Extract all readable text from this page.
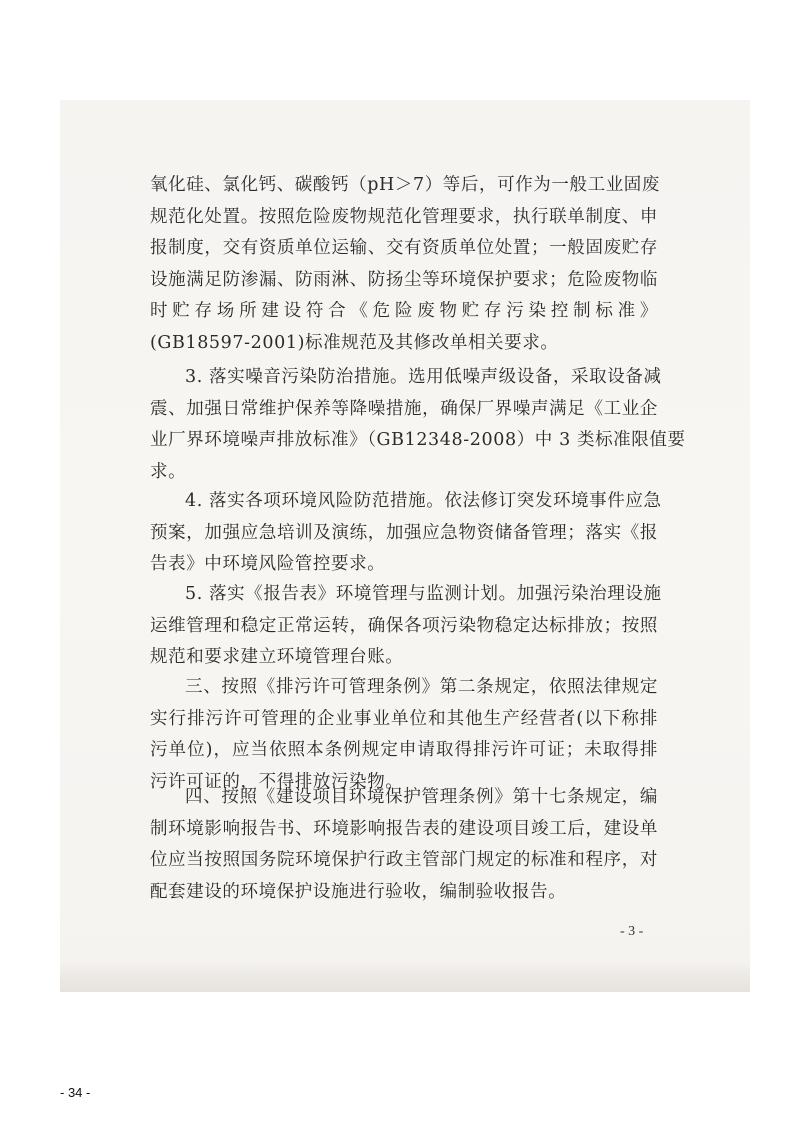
氧化硅、氯化钙、碳酸钙（pH＞7）等后，可作为一般工业固废
规范化处置。按照危险废物规范化管理要求，执行联单制度、申
报制度，交有资质单位运输、交有资质单位处置；一般固废贮存
设施满足防渗漏、防雨淋、防扬尘等环境保护要求；危险废物临
时贮存场所建设符合《危险废物贮存污染控制标准》
(GB18597-2001)标准规范及其修改单相关要求。

3. 落实噪音污染防治措施。选用低噪声级设备，采取设备减
震、加强日常维护保养等降噪措施，确保厂界噪声满足《工业企
业厂界环境噪声排放标准》（GB12348-2008）中 3 类标准限值要
求。

4. 落实各项环境风险防范措施。依法修订突发环境事件应急
预案，加强应急培训及演练，加强应急物资储备管理；落实《报
告表》中环境风险管控要求。

5. 落实《报告表》环境管理与监测计划。加强污染治理设施
运维管理和稳定正常运转，确保各项污染物稳定达标排放；按照
规范和要求建立环境管理台账。

三、按照《排污许可管理条例》第二条规定，依照法律规定
实行排污许可管理的企业事业单位和其他生产经营者(以下称排
污单位)，应当依照本条例规定申请取得排污许可证；未取得排
污许可证的，不得排放污染物。

四、按照《建设项目环境保护管理条例》第十七条规定，编
制环境影响报告书、环境影响报告表的建设项目竣工后，建设单
位应当按照国务院环境保护行政主管部门规定的标准和程序，对
配套建设的环境保护设施进行验收，编制验收报告。

- 3 -
- 34 -
